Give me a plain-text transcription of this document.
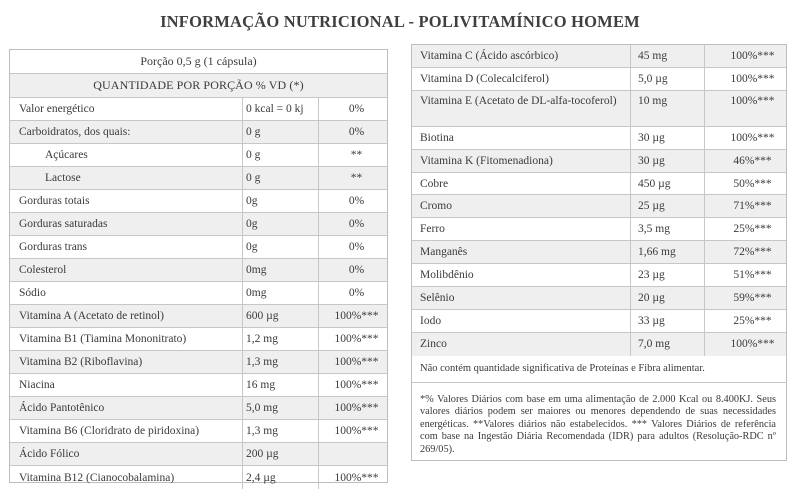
INFORMAÇÃO NUTRICIONAL - POLIVITAMÍNICO HOMEM
Porção 0,5 g (1 cápsula)
QUANTIDADE POR PORÇÃO % VD (*)
Valor energético	0 kcal = 0 kj	0%
Carboidratos, dos quais:	0 g	0%
Açúcares	0 g	**
Lactose	0 g	**
Gorduras totais	0g	0%
Gorduras saturadas	0g	0%
Gorduras trans	0g	0%
Colesterol	0mg	0%
Sódio	0mg	0%
Vitamina A (Acetato de retinol)	600 µg	100%***
Vitamina B1 (Tiamina Mononitrato)	1,2 mg	100%***
Vitamina B2 (Riboflavina)	1,3 mg	100%***
Niacina	16 mg	100%***
Ácido Pantotênico	5,0 mg	100%***
Vitamina B6 (Cloridrato de piridoxina)	1,3 mg	100%***
Ácido Fólico	200 µg
Vitamina B12 (Cianocobalamina)	2,4 µg	100%***
Vitamina C (Ácido ascórbico)	45 mg	100%***
Vitamina D (Colecalciferol)	5,0 µg	100%***
Vitamina E (Acetato de DL-alfa-tocoferol)	10 mg	100%***
Biotina	30 µg	100%***
Vitamina K (Fitomenadiona)	30 µg	46%***
Cobre	450 µg	50%***
Cromo	25 µg	71%***
Ferro	3,5 mg	25%***
Manganês	1,66 mg	72%***
Molibdênio	23 µg	51%***
Selênio	20 µg	59%***
Iodo	33 µg	25%***
Zinco	7,0 mg	100%***
Não contém quantidade significativa de Proteínas e Fibra alimentar.
*% Valores Diários com base em uma alimentação de 2.000 Kcal ou 8.400KJ. Seus valores diários podem ser maiores ou menores dependendo de suas necessidades energéticas. **Valores diários não estabelecidos. *** Valores Diários de referência com base na Ingestão Diária Recomendada (IDR) para adultos (Resolução-RDC nº 269/05).
